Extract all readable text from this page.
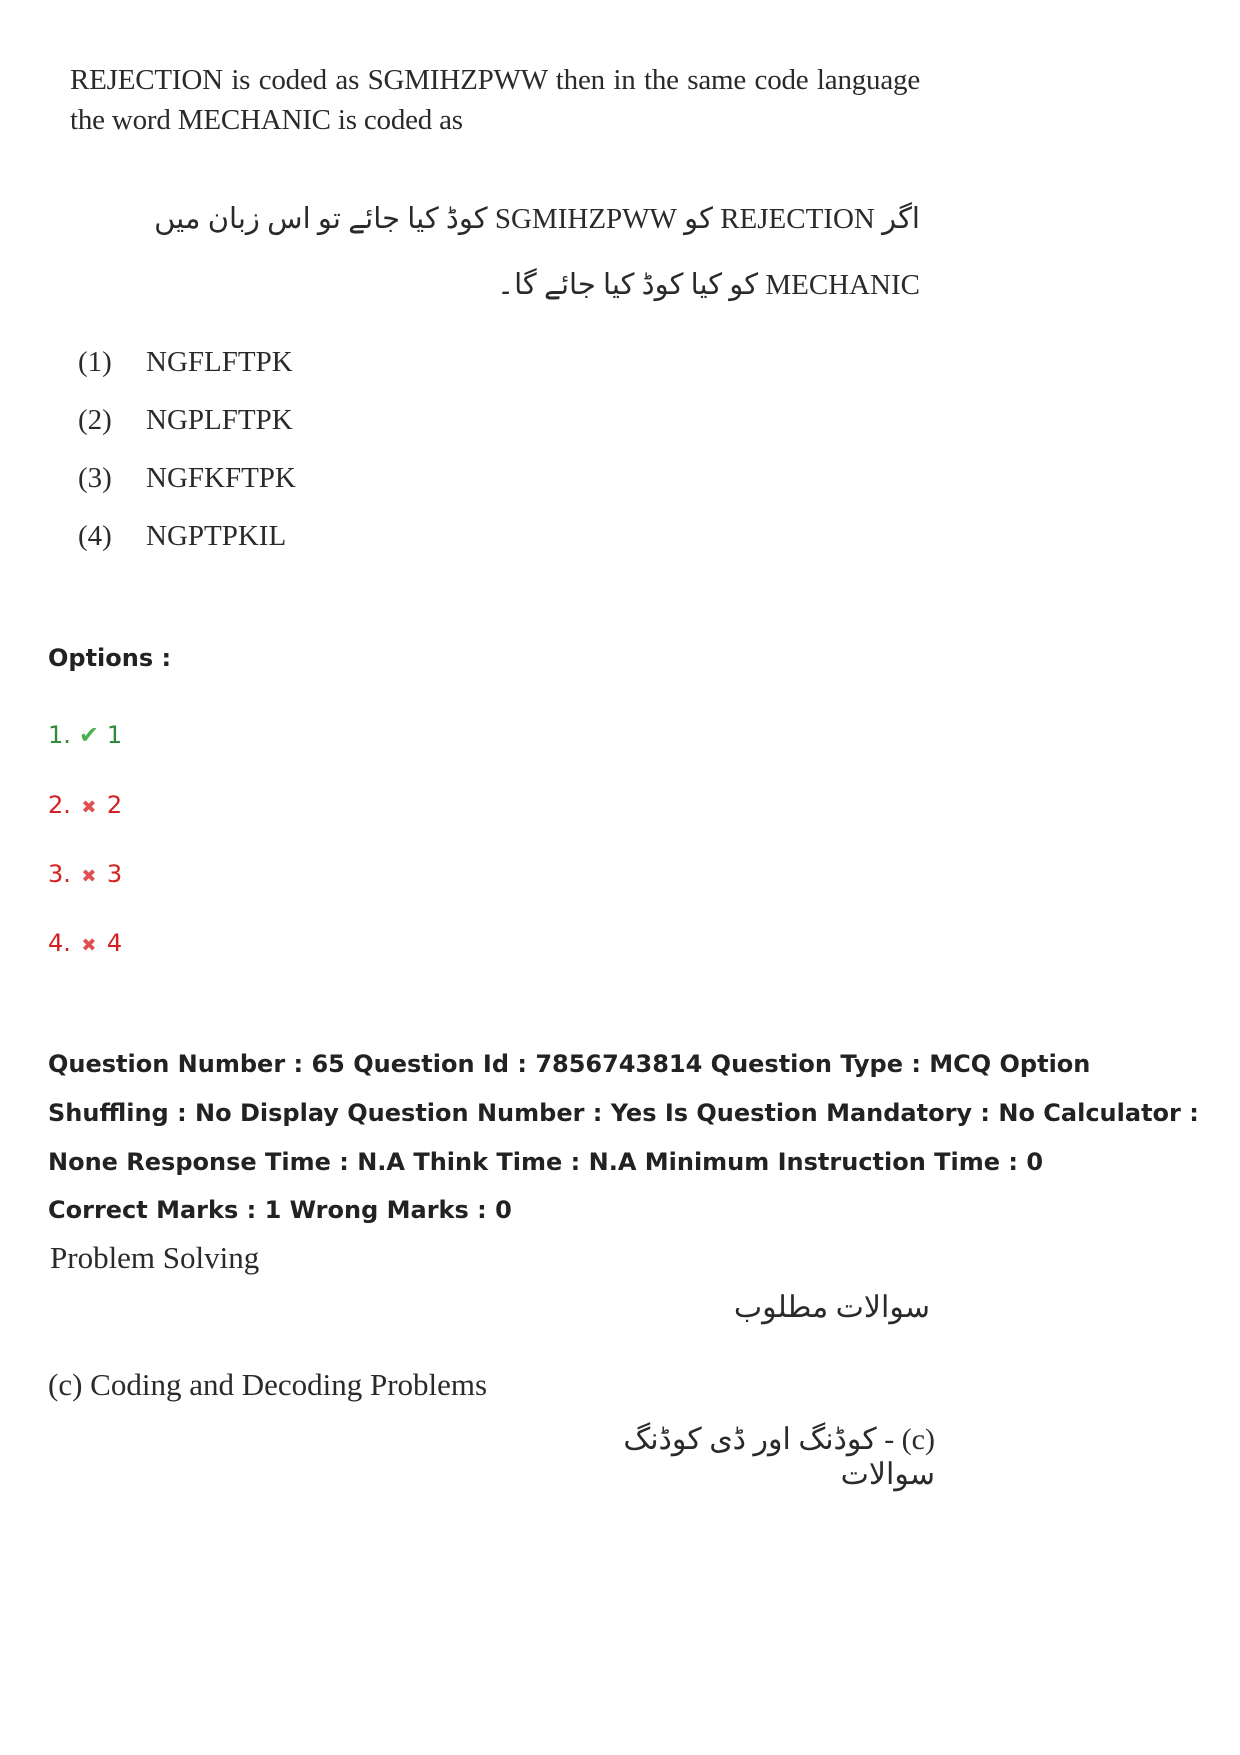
REJECTION is coded as SGMIHZPWW then in the same code language the word MECHANIC is coded as
اگر REJECTION کو SGMIHZPWW کوڈ کیا جائے تو اس زبان میں MECHANIC کو کیا کوڈ کیا جائے گا۔
(1) NGFLFTPK
(2) NGPLFTPK
(3) NGFKFTPK
(4) NGPTPKIL
Options :
1. ✔ 1
2. ✖ 2
3. ✖ 3
4. ✖ 4
Question Number : 65 Question Id : 7856743814 Question Type : MCQ Option Shuffling : No Display Question Number : Yes Is Question Mandatory : No Calculator : None Response Time : N.A Think Time : N.A Minimum Instruction Time : 0
Correct Marks : 1 Wrong Marks : 0
Problem Solving
سوالات مطلوب
(c) Coding and Decoding Problems
(c) - کوڈنگ اور ڈی کوڈنگ سوالات
